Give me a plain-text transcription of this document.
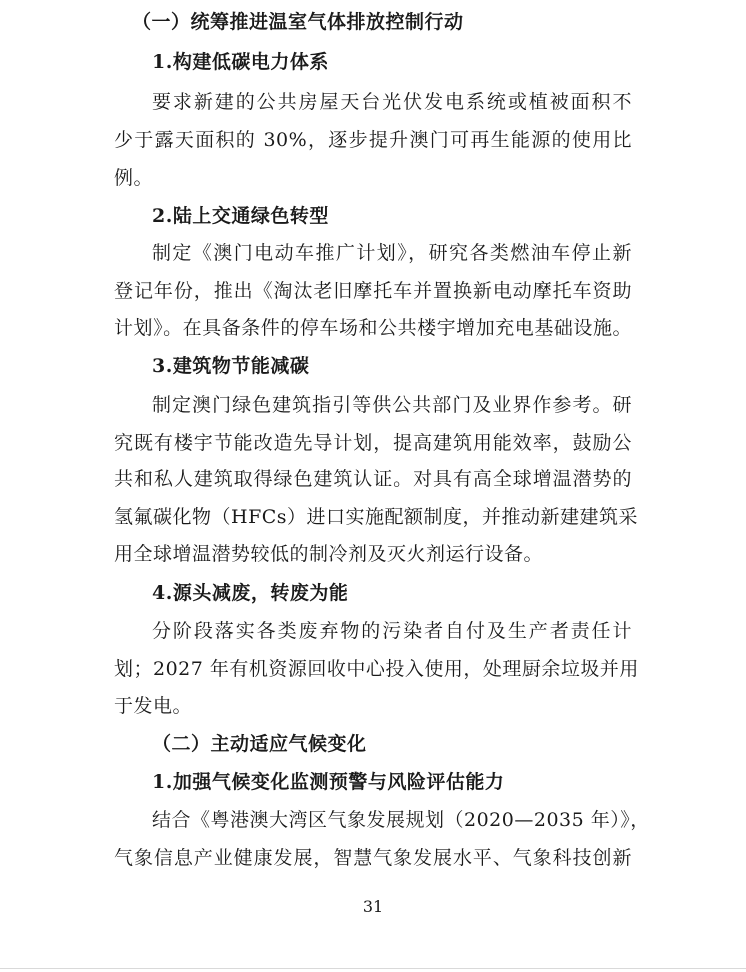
（一）统筹推进温室气体排放控制行动
1.构建低碳电力体系
要求新建的公共房屋天台光伏发电系统或植被面积不
少于露天面积的 30%，逐步提升澳门可再生能源的使用比
例。
2.陆上交通绿色转型
制定《澳门电动车推广计划》，研究各类燃油车停止新
登记年份，推出《淘汰老旧摩托车并置换新电动摩托车资助
计划》。在具备条件的停车场和公共楼宇增加充电基础设施。
3.建筑物节能减碳
制定澳门绿色建筑指引等供公共部门及业界作参考。研
究既有楼宇节能改造先导计划，提高建筑用能效率，鼓励公
共和私人建筑取得绿色建筑认证。对具有高全球增温潜势的
氢氟碳化物（HFCs）进口实施配额制度，并推动新建建筑采
用全球增温潜势较低的制冷剂及灭火剂运行设备。
4.源头减废，转废为能
分阶段落实各类废弃物的污染者自付及生产者责任计
划；2027 年有机资源回收中心投入使用，处理厨余垃圾并用
于发电。
（二）主动适应气候变化
1.加强气候变化监测预警与风险评估能力
结合《粤港澳大湾区气象发展规划（2020—2035 年）》，
气象信息产业健康发展，智慧气象发展水平、气象科技创新
31
